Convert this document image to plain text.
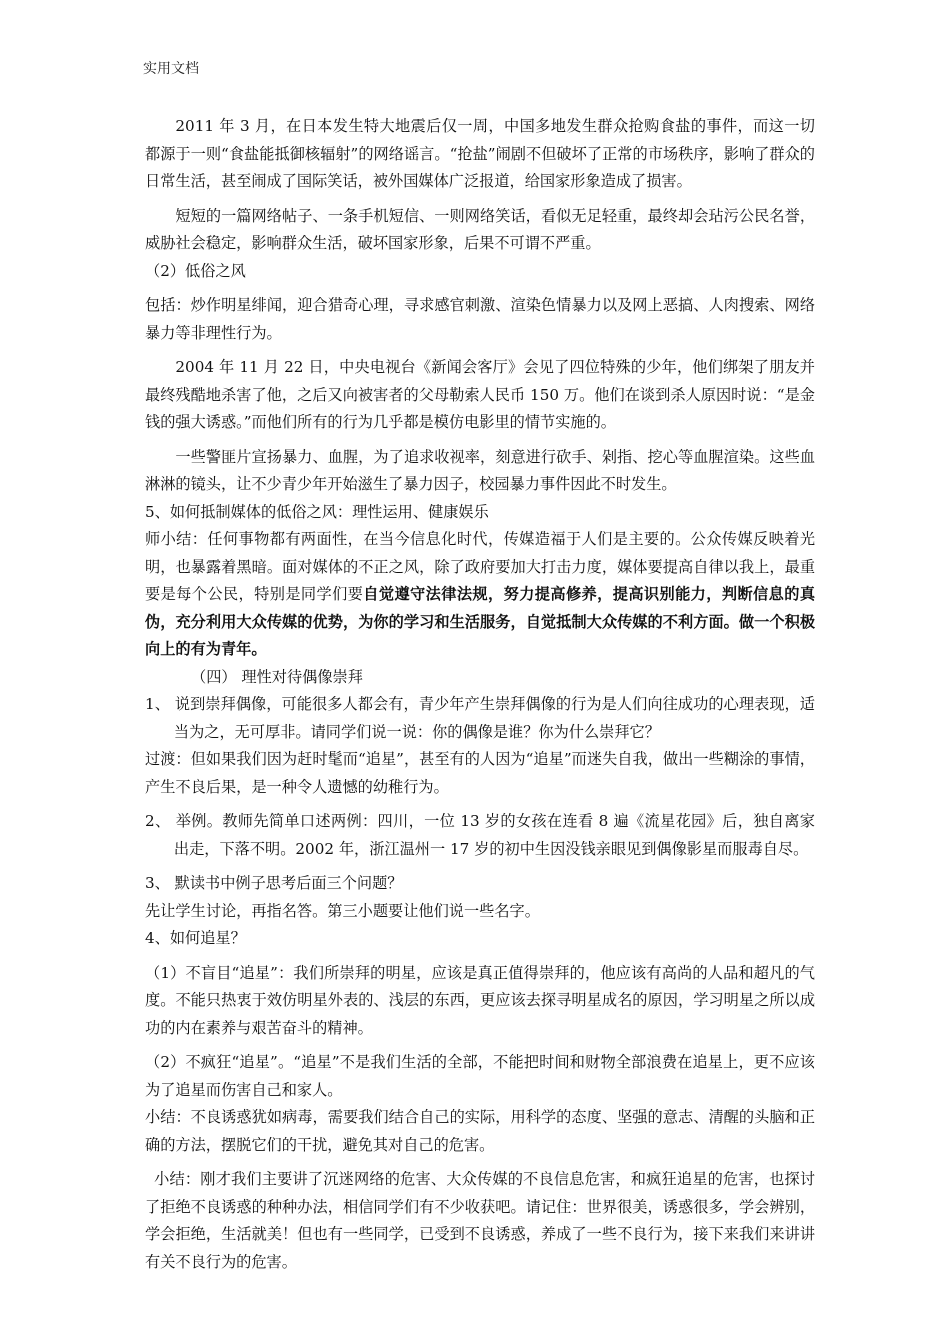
实用文档

2011 年 3 月，在日本发生特大地震后仅一周，中国多地发生群众抢购食盐的事件，而这一切都源于一则“食盐能抵御核辐射”的网络谣言。“抢盐”闹剧不但破坏了正常的市场秩序，影响了群众的日常生活，甚至闹成了国际笑话，被外国媒体广泛报道，给国家形象造成了损害。

短短的一篇网络帖子、一条手机短信、一则网络笑话，看似无足轻重，最终却会玷污公民名誉，威胁社会稳定，影响群众生活，破坏国家形象，后果不可谓不严重。

（2）低俗之风

包括：炒作明星绯闻，迎合猎奇心理，寻求感官刺激、渲染色情暴力以及网上恶搞、人肉搜索、网络暴力等非理性行为。

2004 年 11 月 22 日，中央电视台《新闻会客厅》会见了四位特殊的少年，他们绑架了朋友并最终残酷地杀害了他，之后又向被害者的父母勒索人民币 150 万。他们在谈到杀人原因时说：“是金钱的强大诱惑。”而他们所有的行为几乎都是模仿电影里的情节实施的。

一些警匪片宣扬暴力、血腥，为了追求收视率，刻意进行砍手、剁指、挖心等血腥渲染。这些血淋淋的镜头，让不少青少年开始滋生了暴力因子，校园暴力事件因此不时发生。

5、如何抵制媒体的低俗之风：理性运用、健康娱乐

师小结：任何事物都有两面性，在当今信息化时代，传媒造福于人们是主要的。公众传媒反映着光明，也暴露着黑暗。面对媒体的不正之风，除了政府要加大打击力度，媒体要提高自律以我上，最重要是每个公民，特别是同学们要自觉遵守法律法规，努力提高修养，提高识别能力，判断信息的真伪，充分利用大众传媒的优势，为你的学习和生活服务，自觉抵制大众传媒的不利方面。做一个积极向上的有为青年。

（四） 理性对待偶像崇拜

1、 说到崇拜偶像，可能很多人都会有，青少年产生崇拜偶像的行为是人们向往成功的心理表现，适当为之，无可厚非。请同学们说一说：你的偶像是谁？你为什么崇拜它？

过渡：但如果我们因为赶时髦而“追星”，甚至有的人因为“追星”而迷失自我，做出一些糊涂的事情，产生不良后果，是一种令人遗憾的幼稚行为。

2、 举例。教师先简单口述两例：四川，一位 13 岁的女孩在连看 8 遍《流星花园》后，独自离家出走，下落不明。2002 年，浙江温州一 17 岁的初中生因没钱亲眼见到偶像影星而服毒自尽。

3、 默读书中例子思考后面三个问题？

先让学生讨论，再指名答。第三小题要让他们说一些名字。

4、如何追星？

（1）不盲目“追星”：我们所崇拜的明星，应该是真正值得崇拜的，他应该有高尚的人品和超凡的气度。不能只热衷于效仿明星外表的、浅层的东西，更应该去探寻明星成名的原因，学习明星之所以成功的内在素养与艰苦奋斗的精神。

（2）不疯狂“追星”。“追星”不是我们生活的全部，不能把时间和财物全部浪费在追星上，更不应该为了追星而伤害自己和家人。

小结：不良诱惑犹如病毒，需要我们结合自己的实际，用科学的态度、坚强的意志、清醒的头脑和正确的方法，摆脱它们的干扰，避免其对自己的危害。

小结：刚才我们主要讲了沉迷网络的危害、大众传媒的不良信息危害，和疯狂追星的危害，也探讨了拒绝不良诱惑的种种办法，相信同学们有不少收获吧。请记住：世界很美，诱惑很多，学会辨别，学会拒绝，生活就美！但也有一些同学，已受到不良诱惑，养成了一些不良行为，接下来我们来讲讲有关不良行为的危害。
